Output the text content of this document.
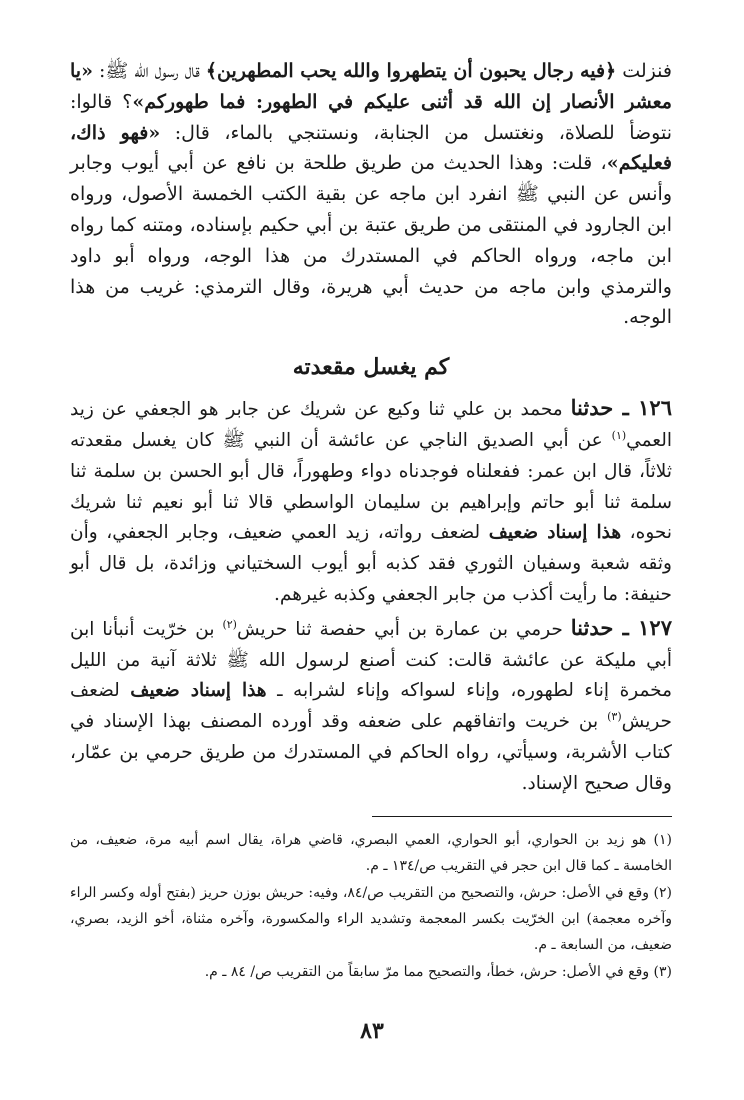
فنزلت ﴿فيه رجال يحبون أن يتطهروا والله يحب المطهرين﴾ قال رسول الله ﷺ: «يا معشر الأنصار إن الله قد أثنى عليكم في الطهور: فما طهوركم»؟ قالوا: نتوضأ للصلاة، ونغتسل من الجنابة، ونستنجي بالماء، قال: «فهو ذاك، فعليكم»، قلت: وهذا الحديث من طريق طلحة بن نافع عن أبي أيوب وجابر وأنس عن النبي ﷺ انفرد ابن ماجه عن بقية الكتب الخمسة الأصول، ورواه ابن الجارود في المنتقى من طريق عتبة بن أبي حكيم بإسناده، ومتنه كما رواه ابن ماجه، ورواه الحاكم في المستدرك من هذا الوجه، ورواه أبو داود والترمذي وابن ماجه من حديث أبي هريرة، وقال الترمذي: غريب من هذا الوجه.

كم يغسل مقعدته

١٢٦ ـ حدثنا محمد بن علي ثنا وكيع عن شريك عن جابر هو الجعفي عن زيد العمي$^{(١)}$ عن أبي الصديق الناجي عن عائشة أن النبي ﷺ كان يغسل مقعدته ثلاثاً، قال ابن عمر: ففعلناه فوجدناه دواء وطهوراً، قال أبو الحسن بن سلمة ثنا سلمة ثنا أبو حاتم وإبراهيم بن سليمان الواسطي قالا ثنا أبو نعيم ثنا شريك نحوه، هذا إسناد ضعيف لضعف رواته، زيد العمي ضعيف، وجابر الجعفي، وأن وثقه شعبة وسفيان الثوري فقد كذبه أبو أيوب السختياني وزائدة، بل قال أبو حنيفة: ما رأيت أكذب من جابر الجعفي وكذبه غيرهم.

١٢٧ ـ حدثنا حرمي بن عمارة بن أبي حفصة ثنا حريش$^{(٢)}$ بن خرّيت أنبأنا ابن أبي مليكة عن عائشة قالت: كنت أصنع لرسول الله ﷺ ثلاثة آنية من الليل مخمرة إناء لطهوره، وإناء لسواكه وإناء لشرابه ـ هذا إسناد ضعيف لضعف حريش$^{(٣)}$ بن خريت واتفاقهم على ضعفه وقد أورده المصنف بهذا الإسناد في كتاب الأشربة، وسيأتي، رواه الحاكم في المستدرك من طريق حرمي بن عمّار، وقال صحيح الإسناد.

(١) هو زيد بن الحواري، أبو الحواري، العمي البصري، قاضي هراة، يقال اسم أبيه مرة، ضعيف، من الخامسة ـ كما قال ابن حجر في التقريب ص/١٣٤ ـ م.

(٢) وقع في الأصل: حرش، والتصحيح من التقريب ص/٨٤، وفيه: حريش بوزن حريز (بفتح أوله وكسر الراء وآخره معجمة) ابن الخرّيت بكسر المعجمة وتشديد الراء والمكسورة، وآخره مثناة، أخو الزيد، بصري، ضعيف، من السابعة ـ م.

(٣) وقع في الأصل: حرش، خطأ، والتصحيح مما مرّ سابقاً من التقريب ص/ ٨٤ ـ م.

٨٣
